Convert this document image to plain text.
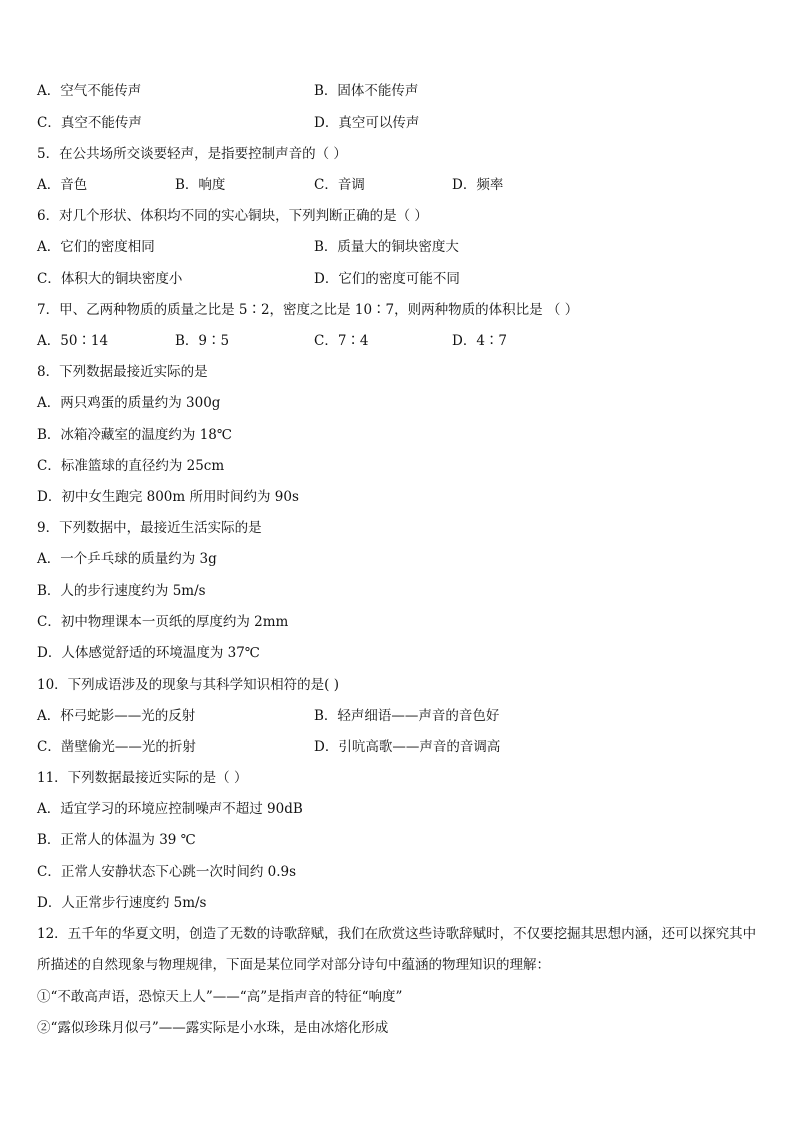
A．空气不能传声	B．固体不能传声
C．真空不能传声	D．真空可以传声
5．在公共场所交谈要轻声，是指要控制声音的（ ）
A．音色	B．响度	C．音调	D．频率
6．对几个形状、体积均不同的实心铜块，下列判断正确的是（ ）
A．它们的密度相同	B．质量大的铜块密度大
C．体积大的铜块密度小	D．它们的密度可能不同
7．甲、乙两种物质的质量之比是 5∶2，密度之比是 10∶7，则两种物质的体积比是 （ ）
A．50∶14	B．9∶5	C．7∶4	D．4∶7
8．下列数据最接近实际的是
A．两只鸡蛋的质量约为 300g
B．冰箱冷藏室的温度约为 18℃
C．标准篮球的直径约为 25cm
D．初中女生跑完 800m 所用时间约为 90s
9．下列数据中，最接近生活实际的是
A．一个乒乓球的质量约为 3g
B．人的步行速度约为 5m/s
C．初中物理课本一页纸的厚度约为 2mm
D．人体感觉舒适的环境温度为 37℃
10．下列成语涉及的现象与其科学知识相符的是( )
A．杯弓蛇影——光的反射	B．轻声细语——声音的音色好
C．凿壁偷光——光的折射	D．引吭高歌——声音的音调高
11．下列数据最接近实际的是（ ）
A．适宜学习的环境应控制噪声不超过 90dB
B．正常人的体温为 39 ℃
C．正常人安静状态下心跳一次时间约 0.9s
D．人正常步行速度约 5m/s
12．五千年的华夏文明，创造了无数的诗歌辞赋，我们在欣赏这些诗歌辞赋时，不仅要挖掘其思想内涵，还可以探究其中所描述的自然现象与物理规律，下面是某位同学对部分诗句中蕴涵的物理知识的理解：
①“不敢高声语，恐惊天上人”——“高”是指声音的特征“响度”
②“露似珍珠月似弓”——露实际是小水珠，是由冰熔化形成
